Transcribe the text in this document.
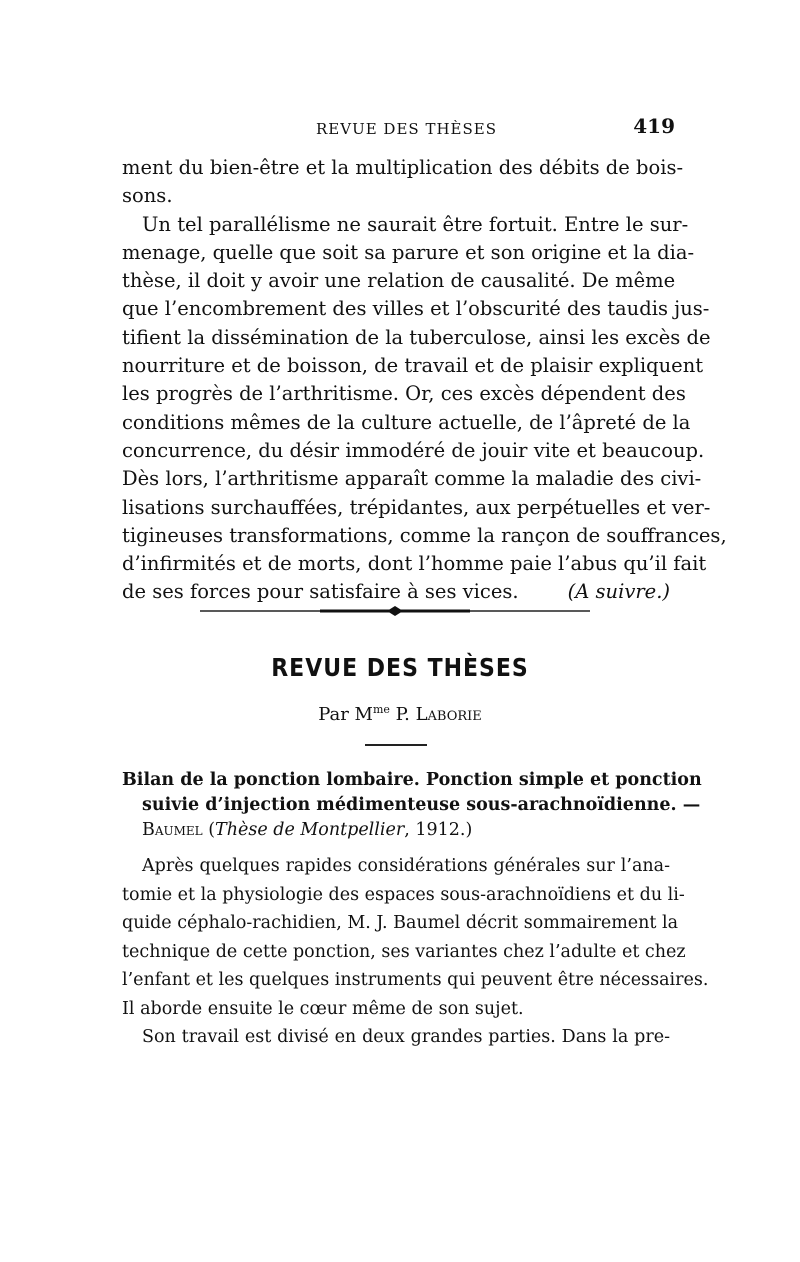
REVUE DES THÈSES	419
ment du bien-être et la multiplication des débits de bois-
sons.
Un tel parallélisme ne saurait être fortuit. Entre le sur-
menage, quelle que soit sa parure et son origine et la dia-
thèse, il doit y avoir une relation de causalité. De même
que l’encombrement des villes et l’obscurité des taudis jus-
tifient la dissémination de la tuberculose, ainsi les excès de
nourriture et de boisson, de travail et de plaisir expliquent
les progrès de l’arthritisme. Or, ces excès dépendent des
conditions mêmes de la culture actuelle, de l’âpreté de la
concurrence, du désir immodéré de jouir vite et beaucoup.
Dès lors, l’arthritisme apparaît comme la maladie des civi-
lisations surchauffées, trépidantes, aux perpétuelles et ver-
tigineuses transformations, comme la rançon de souffrances,
d’infirmités et de morts, dont l’homme paie l’abus qu’il fait
de ses forces pour satisfaire à ses vices.	(A suivre.)
REVUE DES THÈSES
Par $M^{me}$ P. Laborie
Bilan de la ponction lombaire. Ponction simple et ponction
suivie d’injection médimenteuse sous-arachnoïdienne. —
Baumel (Thèse de Montpellier, 1912.)
Après quelques rapides considérations générales sur l’ana-
tomie et la physiologie des espaces sous-arachnoïdiens et du li-
quide céphalo-rachidien, M. J. Baumel décrit sommairement la
technique de cette ponction, ses variantes chez l’adulte et chez
l’enfant et les quelques instruments qui peuvent être nécessaires.
Il aborde ensuite le cœur même de son sujet.
Son travail est divisé en deux grandes parties. Dans la pre-
